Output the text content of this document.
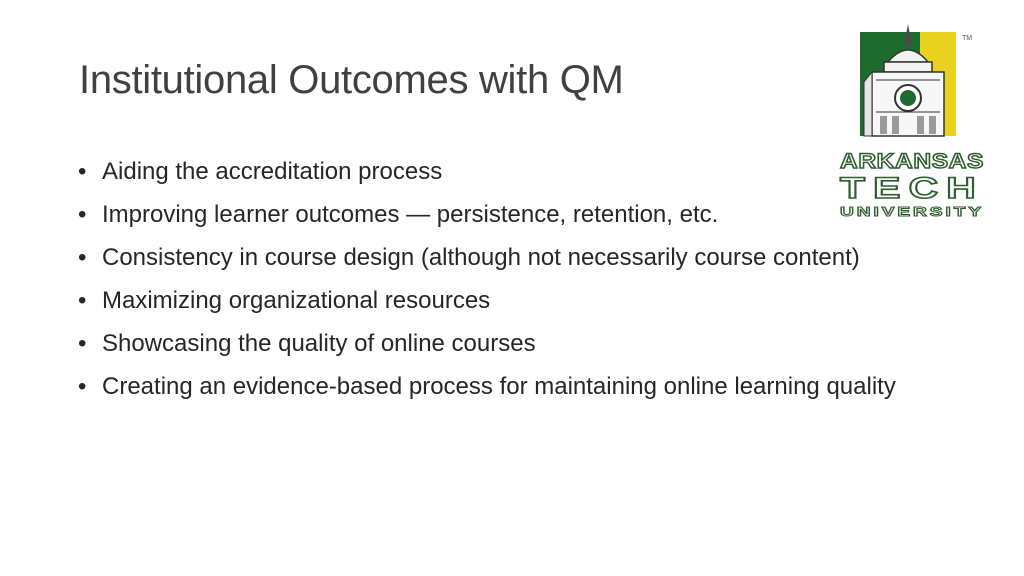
Institutional Outcomes with QM
• Aiding the accreditation process
• Improving learner outcomes — persistence, retention, etc.
• Consistency in course design (although not necessarily course content)
• Maximizing organizational resources
• Showcasing the quality of online courses
• Creating an evidence-based process for maintaining online learning quality
TM
ARKANSAS
TECH
UNIVERSITY
